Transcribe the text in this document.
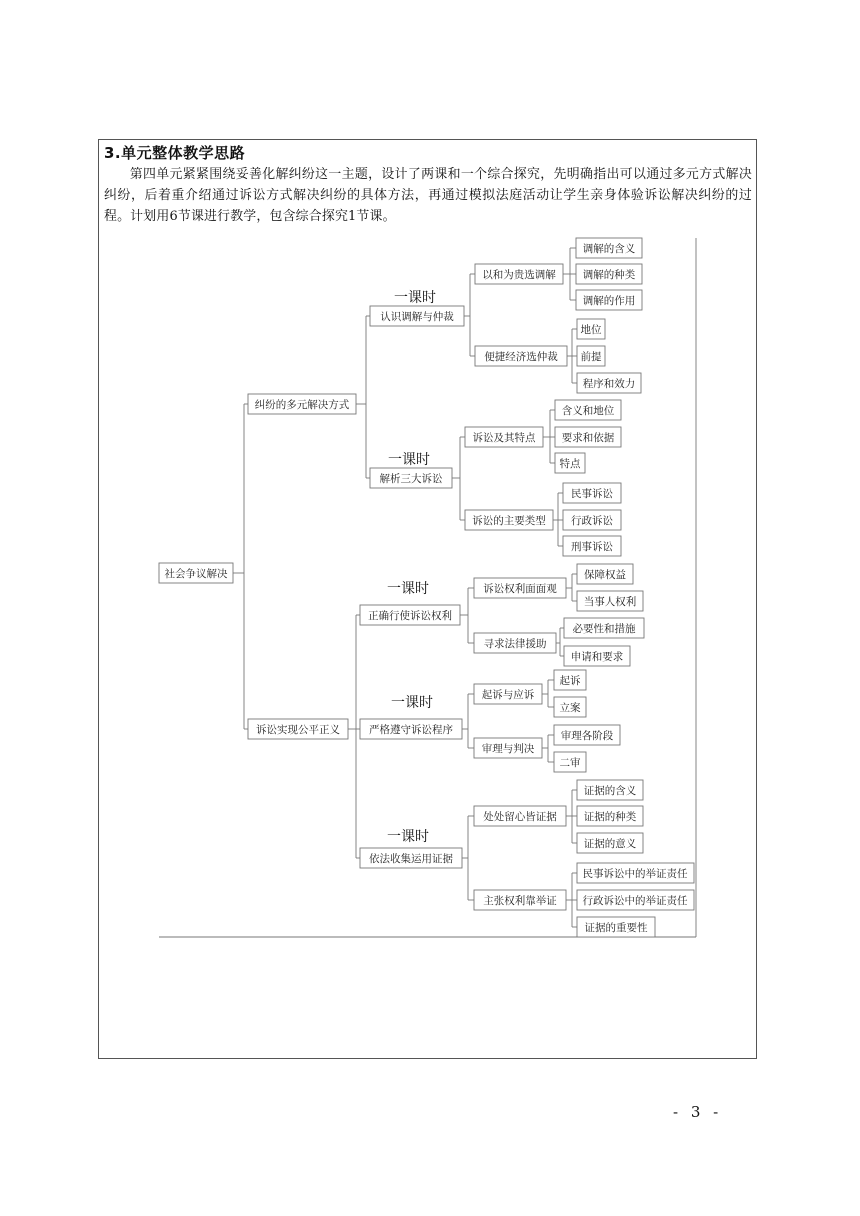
3.单元整体教学思路

第四单元紧紧围绕妥善化解纠纷这一主题，设计了两课和一个综合探究，先明确指出可以通过多元方式解决纠纷，后着重介绍通过诉讼方式解决纠纷的具体方法，再通过模拟法庭活动让学生亲身体验诉讼解决纠纷的过程。计划用6节课进行教学，包含综合探究1节课。

社会争议解决
纠纷的多元解决方式
诉讼实现公平正义
一课时
认识调解与仲裁
以和为贵选调解
调解的含义
调解的种类
调解的作用
便捷经济选仲裁
地位
前提
程序和效力
一课时
解析三大诉讼
诉讼及其特点
含义和地位
要求和依据
特点
诉讼的主要类型
民事诉讼
行政诉讼
刑事诉讼
一课时
正确行使诉讼权利
诉讼权利面面观
保障权益
当事人权利
寻求法律援助
必要性和措施
申请和要求
一课时
严格遵守诉讼程序
起诉与应诉
起诉
立案
审理与判决
审理各阶段
二审
一课时
依法收集运用证据
处处留心皆证据
证据的含义
证据的种类
证据的意义
主张权利靠举证
民事诉讼中的举证责任
行政诉讼中的举证责任
证据的重要性
- 3 -
